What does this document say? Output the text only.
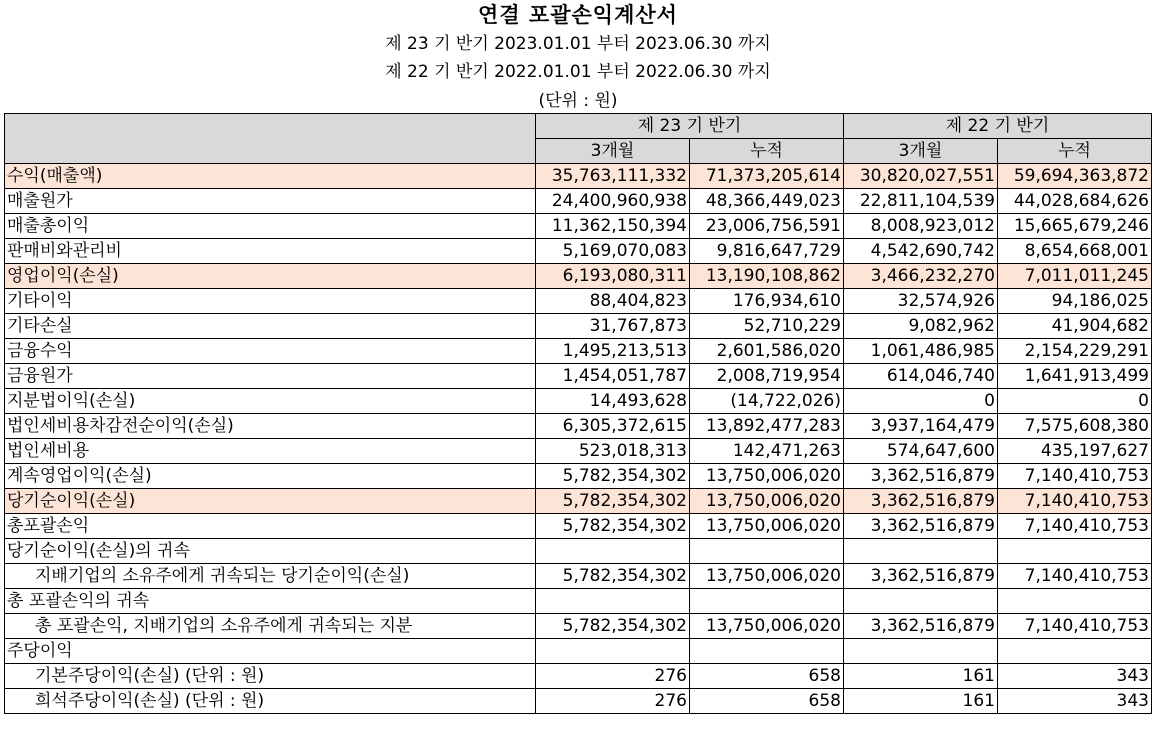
연결 포괄손익계산서
제 23 기 반기 2023.01.01 부터 2023.06.30 까지
제 22 기 반기 2022.01.01 부터 2022.06.30 까지
(단위 : 원)
	제 23 기 반기		제 22 기 반기	
	3개월	누적	3개월	누적
수익(매출액)	35,763,111,332	71,373,205,614	30,820,027,551	59,694,363,872
매출원가	24,400,960,938	48,366,449,023	22,811,104,539	44,028,684,626
매출총이익	11,362,150,394	23,006,756,591	8,008,923,012	15,665,679,246
판매비와관리비	5,169,070,083	9,816,647,729	4,542,690,742	8,654,668,001
영업이익(손실)	6,193,080,311	13,190,108,862	3,466,232,270	7,011,011,245
기타이익	88,404,823	176,934,610	32,574,926	94,186,025
기타손실	31,767,873	52,710,229	9,082,962	41,904,682
금융수익	1,495,213,513	2,601,586,020	1,061,486,985	2,154,229,291
금융원가	1,454,051,787	2,008,719,954	614,046,740	1,641,913,499
지분법이익(손실)	14,493,628	(14,722,026)	0	0
법인세비용차감전순이익(손실)	6,305,372,615	13,892,477,283	3,937,164,479	7,575,608,380
법인세비용	523,018,313	142,471,263	574,647,600	435,197,627
계속영업이익(손실)	5,782,354,302	13,750,006,020	3,362,516,879	7,140,410,753
당기순이익(손실)	5,782,354,302	13,750,006,020	3,362,516,879	7,140,410,753
총포괄손익	5,782,354,302	13,750,006,020	3,362,516,879	7,140,410,753
당기순이익(손실)의 귀속				
지배기업의 소유주에게 귀속되는 당기순이익(손실)	5,782,354,302	13,750,006,020	3,362,516,879	7,140,410,753
총 포괄손익의 귀속				
총 포괄손익, 지배기업의 소유주에게 귀속되는 지분	5,782,354,302	13,750,006,020	3,362,516,879	7,140,410,753
주당이익				
기본주당이익(손실) (단위 : 원)	276	658	161	343
희석주당이익(손실) (단위 : 원)	276	658	161	343
